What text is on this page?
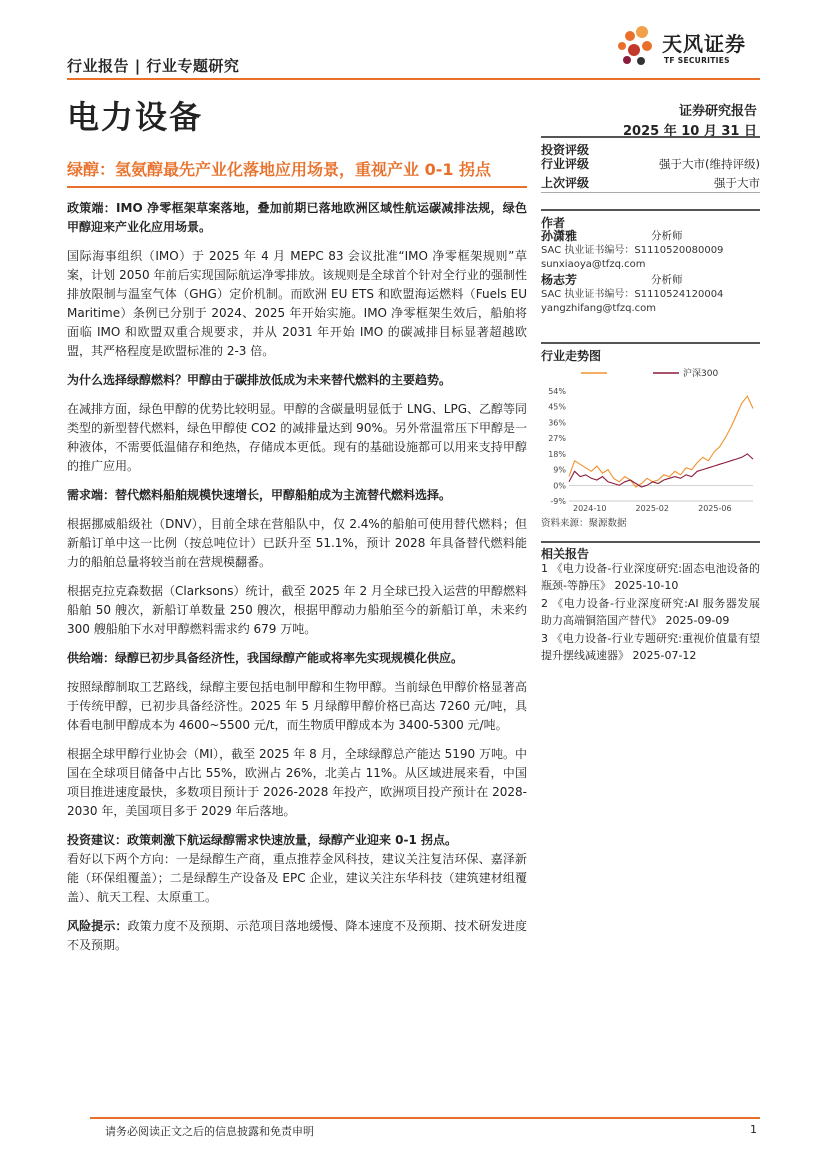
行业报告 | 行业专题研究
天风证券
TF SECURITIES
电力设备	证券研究报告
2025 年 10 月 31 日
绿醇：氢氨醇最先产业化落地应用场景，重视产业 0-1 拐点

政策端：IMO 净零框架草案落地，叠加前期已落地欧洲区域性航运碳减排法规，绿色甲醇迎来产业化应用场景。

国际海事组织（IMO）于 2025 年 4 月 MEPC 83 会议批准“IMO 净零框架规则”草案，计划 2050 年前后实现国际航运净零排放。该规则是全球首个针对全行业的强制性排放限制与温室气体（GHG）定价机制。而欧洲 EU ETS 和欧盟海运燃料（Fuels EU Maritime）条例已分别于 2024、2025 年开始实施。IMO 净零框架生效后，船舶将面临 IMO 和欧盟双重合规要求，并从 2031 年开始 IMO 的碳减排目标显著超越欧盟，其严格程度是欧盟标准的 2-3 倍。

为什么选择绿醇燃料？甲醇由于碳排放低成为未来替代燃料的主要趋势。

在减排方面，绿色甲醇的优势比较明显。甲醇的含碳量明显低于 LNG、LPG、乙醇等同类型的新型替代燃料，绿色甲醇使 CO2 的减排量达到 90%。另外常温常压下甲醇是一种液体，不需要低温储存和绝热，存储成本更低。现有的基础设施都可以用来支持甲醇的推广应用。

需求端：替代燃料船舶规模快速增长，甲醇船舶成为主流替代燃料选择。

根据挪威船级社（DNV），目前全球在营船队中，仅 2.4%的船舶可使用替代燃料；但新船订单中这一比例（按总吨位计）已跃升至 51.1%，预计 2028 年具备替代燃料能力的船舶总量将较当前在营规模翻番。

根据克拉克森数据（Clarksons）统计，截至 2025 年 2 月全球已投入运营的甲醇燃料船舶 50 艘次，新船订单数量 250 艘次，根据甲醇动力船舶至今的新船订单，未来约 300 艘船舶下水对甲醇燃料需求约 679 万吨。

供给端：绿醇已初步具备经济性，我国绿醇产能或将率先实现规模化供应。

按照绿醇制取工艺路线，绿醇主要包括电制甲醇和生物甲醇。当前绿色甲醇价格显著高于传统甲醇，已初步具备经济性。2025 年 5 月绿醇甲醇价格已高达 7260 元/吨，具体看电制甲醇成本为 4600~5500 元/t，而生物质甲醇成本为 3400-5300 元/吨。

根据全球甲醇行业协会（MI），截至 2025 年 8 月，全球绿醇总产能达 5190 万吨。中国在全球项目储备中占比 55%，欧洲占 26%，北美占 11%。从区域进展来看，中国项目推进速度最快，多数项目预计于 2026-2028 年投产，欧洲项目投产预计在 2028-2030 年，美国项目多于 2029 年后落地。

投资建议：政策刺激下航运绿醇需求快速放量，绿醇产业迎来 0-1 拐点。

看好以下两个方向：一是绿醇生产商，重点推荐金风科技，建议关注复洁环保、嘉泽新能（环保组覆盖）；二是绿醇生产设备及 EPC 企业，建议关注东华科技（建筑建材组覆盖）、航天工程、太原重工。

风险提示：政策力度不及预期、示范项目落地缓慢、降本速度不及预期、技术研发进度不及预期。

投资评级
行业评级	强于大市(维持评级)
上次评级	强于大市
作者
孙潇雅	分析师
SAC 执业证书编号：S1110520080009
sunxiaoya@tfzq.com
杨志芳	分析师
SAC 执业证书编号：S1110524120004
yangzhifang@tfzq.com
行业走势图
沪深300
54%
45%
36%
27%
18%
9%
0%
-9%
2024-10	2025-02	2025-06
资料来源：聚源数据
相关报告
1 《电力设备-行业深度研究:固态电池设备的瓶颈-等静压》 2025-10-10
2 《电力设备-行业深度研究:AI 服务器发展助力高端铜箔国产替代》 2025-09-09
3 《电力设备-行业专题研究:重视价值量有望提升摆线减速器》 2025-07-12
请务必阅读正文之后的信息披露和免责申明	1
